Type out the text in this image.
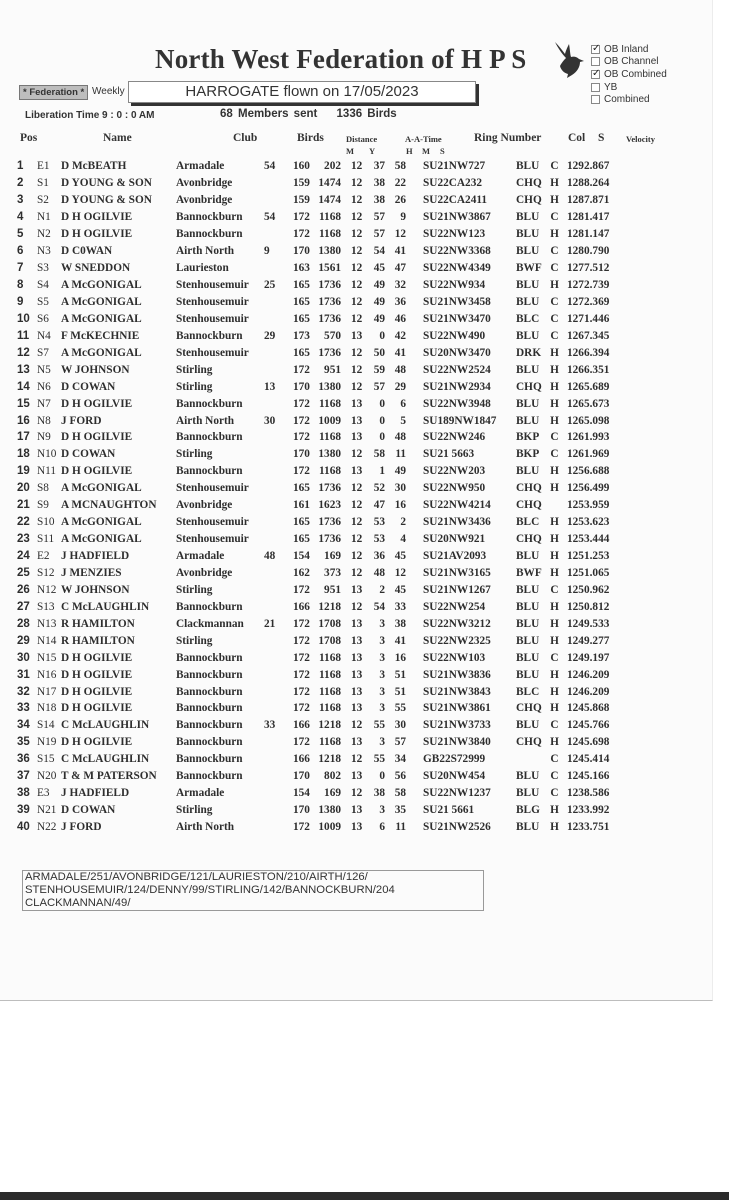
North West Federation of H P S ✓	OB Inland
OB Channel
✓
OB Combined
YB
Combined
* Federation * Weekly	HARROGATE flown on 17/05/2023
Liberation Time 9 : 0 : 0 AM	68 Members sent 1336 Birds
Pos	Name	Club	Birds	Distance
M Y
A-A-Time
H M S
Ring Number Col S	Velocity
1	E1	D McBEATH	Armadale	54	160	202	12	37	58	SU21NW727	BLU	C	1292.867
2	S1	D YOUNG & SON	Avonbridge		159	1474	12	38	22	SU22CA232	CHQ	H	1288.264
3	S2	D YOUNG & SON	Avonbridge		159	1474	12	38	26	SU22CA2411	CHQ	H	1287.871
4	N1	D H OGILVIE	Bannockburn	54	172	1168	12	57	9	SU21NW3867	BLU	C	1281.417
5	N2	D H OGILVIE	Bannockburn		172	1168	12	57	12	SU22NW123	BLU	H	1281.147
6	N3	D C0WAN	Airth North	9	170	1380	12	54	41	SU22NW3368	BLU	C	1280.790
7	S3	W SNEDDON	Laurieston		163	1561	12	45	47	SU22NW4349	BWF	C	1277.512
8	S4	A McGONIGAL	Stenhousemuir	25	165	1736	12	49	32	SU22NW934	BLU	H	1272.739
9	S5	A McGONIGAL	Stenhousemuir		165	1736	12	49	36	SU21NW3458	BLU	C	1272.369
10	S6	A McGONIGAL	Stenhousemuir		165	1736	12	49	46	SU21NW3470	BLC	C	1271.446
11	N4	F McKECHNIE	Bannockburn	29	173	570	13	0	42	SU22NW490	BLU	C	1267.345
12	S7	A McGONIGAL	Stenhousemuir		165	1736	12	50	41	SU20NW3470	DRK	H	1266.394
13	N5	W JOHNSON	Stirling		172	951	12	59	48	SU22NW2524	BLU	H	1266.351
14	N6	D COWAN	Stirling	13	170	1380	12	57	29	SU21NW2934	CHQ	H	1265.689
15	N7	D H OGILVIE	Bannockburn		172	1168	13	0	6	SU22NW3948	BLU	H	1265.673
16	N8	J FORD	Airth North	30	172	1009	13	0	5	SU189NW1847	BLU	H	1265.098
17	N9	D H OGILVIE	Bannockburn		172	1168	13	0	48	SU22NW246	BKP	C	1261.993
18	N10	D COWAN	Stirling		170	1380	12	58	11	SU21 5663	BKP	C	1261.969
19	N11	D H OGILVIE	Bannockburn		172	1168	13	1	49	SU22NW203	BLU	H	1256.688
20	S8	A McGONIGAL	Stenhousemuir		165	1736	12	52	30	SU22NW950	CHQ	H	1256.499
21	S9	A MCNAUGHTON	Avonbridge		161	1623	12	47	16	SU22NW4214	CHQ		1253.959
22	S10	A McGONIGAL	Stenhousemuir		165	1736	12	53	2	SU21NW3436	BLC	H	1253.623
23	S11	A McGONIGAL	Stenhousemuir		165	1736	12	53	4	SU20NW921	CHQ	H	1253.444
24	E2	J HADFIELD	Armadale	48	154	169	12	36	45	SU21AV2093	BLU	H	1251.253
25	S12	J MENZIES	Avonbridge		162	373	12	48	12	SU21NW3165	BWF	H	1251.065
26	N12	W JOHNSON	Stirling		172	951	13	2	45	SU21NW1267	BLU	C	1250.962
27	S13	C McLAUGHLIN	Bannockburn		166	1218	12	54	33	SU22NW254	BLU	H	1250.812
28	N13	R HAMILTON	Clackmannan	21	172	1708	13	3	38	SU22NW3212	BLU	H	1249.533
29	N14	R HAMILTON	Stirling		172	1708	13	3	41	SU22NW2325	BLU	H	1249.277
30	N15	D H OGILVIE	Bannockburn		172	1168	13	3	16	SU22NW103	BLU	C	1249.197
31	N16	D H OGILVIE	Bannockburn		172	1168	13	3	51	SU21NW3836	BLU	H	1246.209
32	N17	D H OGILVIE	Bannockburn		172	1168	13	3	51	SU21NW3843	BLC	H	1246.209
33	N18	D H OGILVIE	Bannockburn		172	1168	13	3	55	SU21NW3861	CHQ	H	1245.868
34	S14	C McLAUGHLIN	Bannockburn	33	166	1218	12	55	30	SU21NW3733	BLU	C	1245.766
35	N19	D H OGILVIE	Bannockburn		172	1168	13	3	57	SU21NW3840	CHQ	H	1245.698
36	S15	C McLAUGHLIN	Bannockburn		166	1218	12	55	34	GB22S72999		C	1245.414
37	N20	T & M PATERSON	Bannockburn		170	802	13	0	56	SU20NW454	BLU	C	1245.166
38	E3	J HADFIELD	Armadale		154	169	12	38	58	SU22NW1237	BLU	C	1238.586
39	N21	D COWAN	Stirling		170	1380	13	3	35	SU21 5661	BLG	H	1233.992
40	N22	J FORD	Airth North		172	1009	13	6	11	SU21NW2526	BLU	H	1233.751
ARMADALE/251/AVONBRIDGE/121/LAURIESTON/210/AIRTH/126/
STENHOUSEMUIR/124/DENNY/99/STIRLING/142/BANNOCKBURN/204
CLACKMANNAN/49/
